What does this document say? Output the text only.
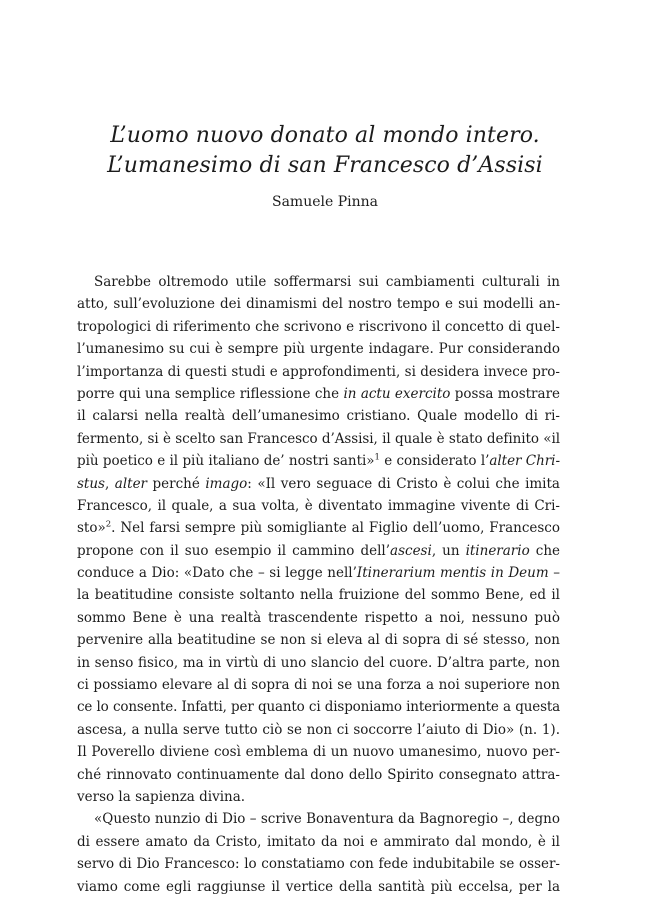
L’uomo nuovo donato al mondo intero.
L’umanesimo di san Francesco d’Assisi
Samuele Pinna
Sarebbe oltremodo utile soffermarsi sui cambiamenti culturali in
atto, sull’evoluzione dei dinamismi del nostro tempo e sui modelli an-
tropologici di riferimento che scrivono e riscrivono il concetto di quel-
l’umanesimo su cui è sempre più urgente indagare. Pur considerando
l’importanza di questi studi e approfondimenti, si desidera invece pro-
porre qui una semplice riflessione che in actu exercito possa mostrare
il calarsi nella realtà dell’umanesimo cristiano. Quale modello di ri-
fermento, si è scelto san Francesco d’Assisi, il quale è stato definito «il
più poetico e il più italiano de’ nostri santi»$^1$ e considerato l’alter Chri-
stus, alter perché imago: «Il vero seguace di Cristo è colui che imita
Francesco, il quale, a sua volta, è diventato immagine vivente di Cri-
sto»$^2$. Nel farsi sempre più somigliante al Figlio dell’uomo, Francesco
propone con il suo esempio il cammino dell’ascesi, un itinerario che
conduce a Dio: «Dato che – si legge nell’Itinerarium mentis in Deum –
la beatitudine consiste soltanto nella fruizione del sommo Bene, ed il
sommo Bene è una realtà trascendente rispetto a noi, nessuno può
pervenire alla beatitudine se non si eleva al di sopra di sé stesso, non
in senso fisico, ma in virtù di uno slancio del cuore. D’altra parte, non
ci possiamo elevare al di sopra di noi se una forza a noi superiore non
ce lo consente. Infatti, per quanto ci disponiamo interiormente a questa
ascesa, a nulla serve tutto ciò se non ci soccorre l’aiuto di Dio» (n. 1).
Il Poverello diviene così emblema di un nuovo umanesimo, nuovo per-
ché rinnovato continuamente dal dono dello Spirito consegnato attra-
verso la sapienza divina.
«Questo nunzio di Dio – scrive Bonaventura da Bagnoregio –, degno
di essere amato da Cristo, imitato da noi e ammirato dal mondo, è il
servo di Dio Francesco: lo constatiamo con fede indubitabile se osser-
viamo come egli raggiunse il vertice della santità più eccelsa, per la
